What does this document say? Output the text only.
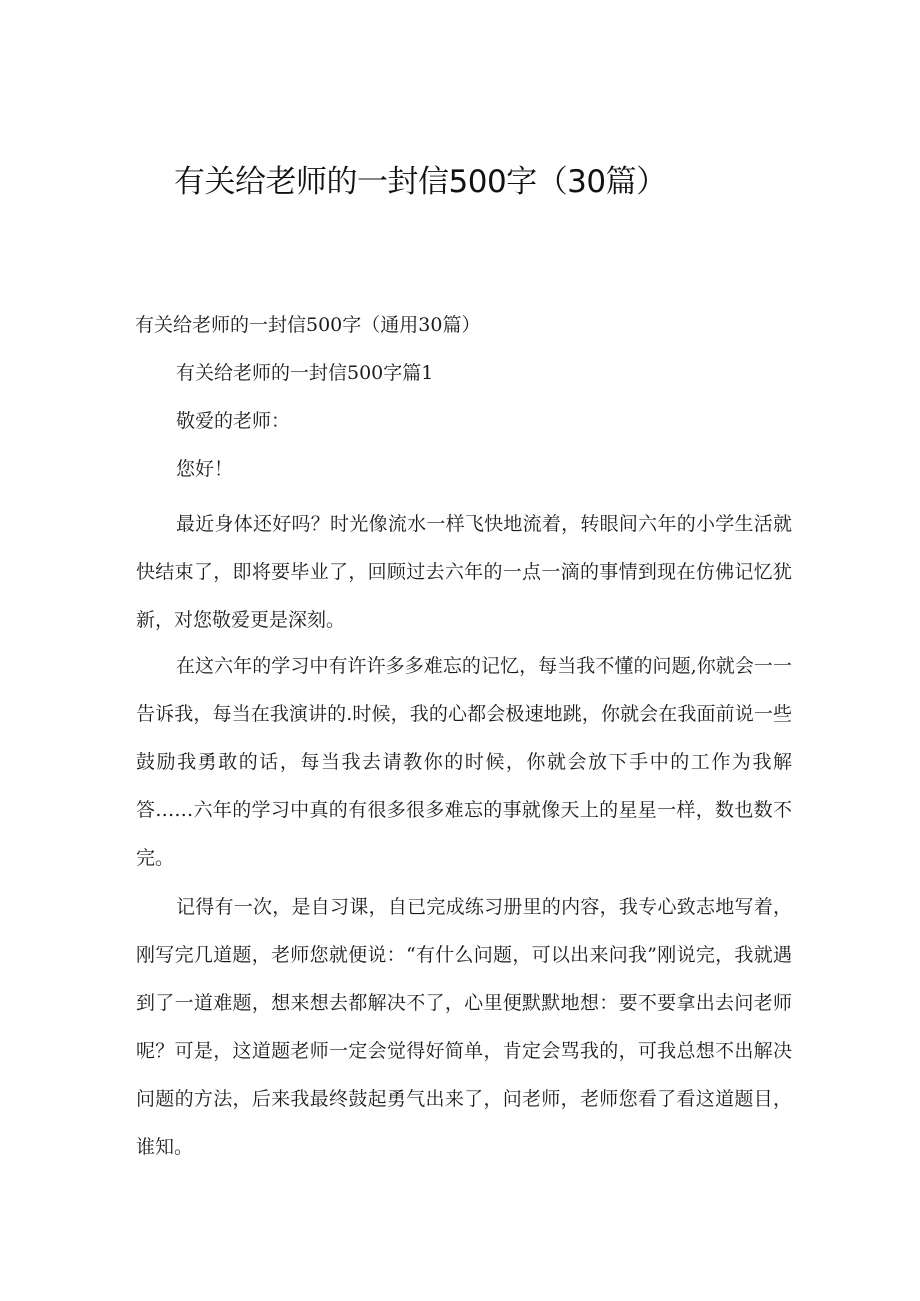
有关给老师的一封信500字（30篇）
有关给老师的一封信500字（通用30篇）
有关给老师的一封信500字篇1
敬爱的老师：
您好！

最近身体还好吗？时光像流水一样飞快地流着，转眼间六年的小学生活就快结束了，即将要毕业了，回顾过去六年的一点一滴的事情到现在仿佛记忆犹新，对您敬爱更是深刻。

在这六年的学习中有许许多多难忘的记忆，每当我不懂的问题,你就会一一告诉我，每当在我演讲的.时候，我的心都会极速地跳，你就会在我面前说一些鼓励我勇敢的话，每当我去请教你的时候，你就会放下手中的工作为我解答……六年的学习中真的有很多很多难忘的事就像天上的星星一样，数也数不完。

记得有一次，是自习课，自已完成练习册里的内容，我专心致志地写着，刚写完几道题，老师您就便说：“有什么问题，可以出来问我”刚说完，我就遇到了一道难题，想来想去都解决不了，心里便默默地想：要不要拿出去问老师呢？可是，这道题老师一定会觉得好简单，肯定会骂我的，可我总想不出解决问题的方法，后来我最终鼓起勇气出来了，问老师，老师您看了看这道题目，谁知。
